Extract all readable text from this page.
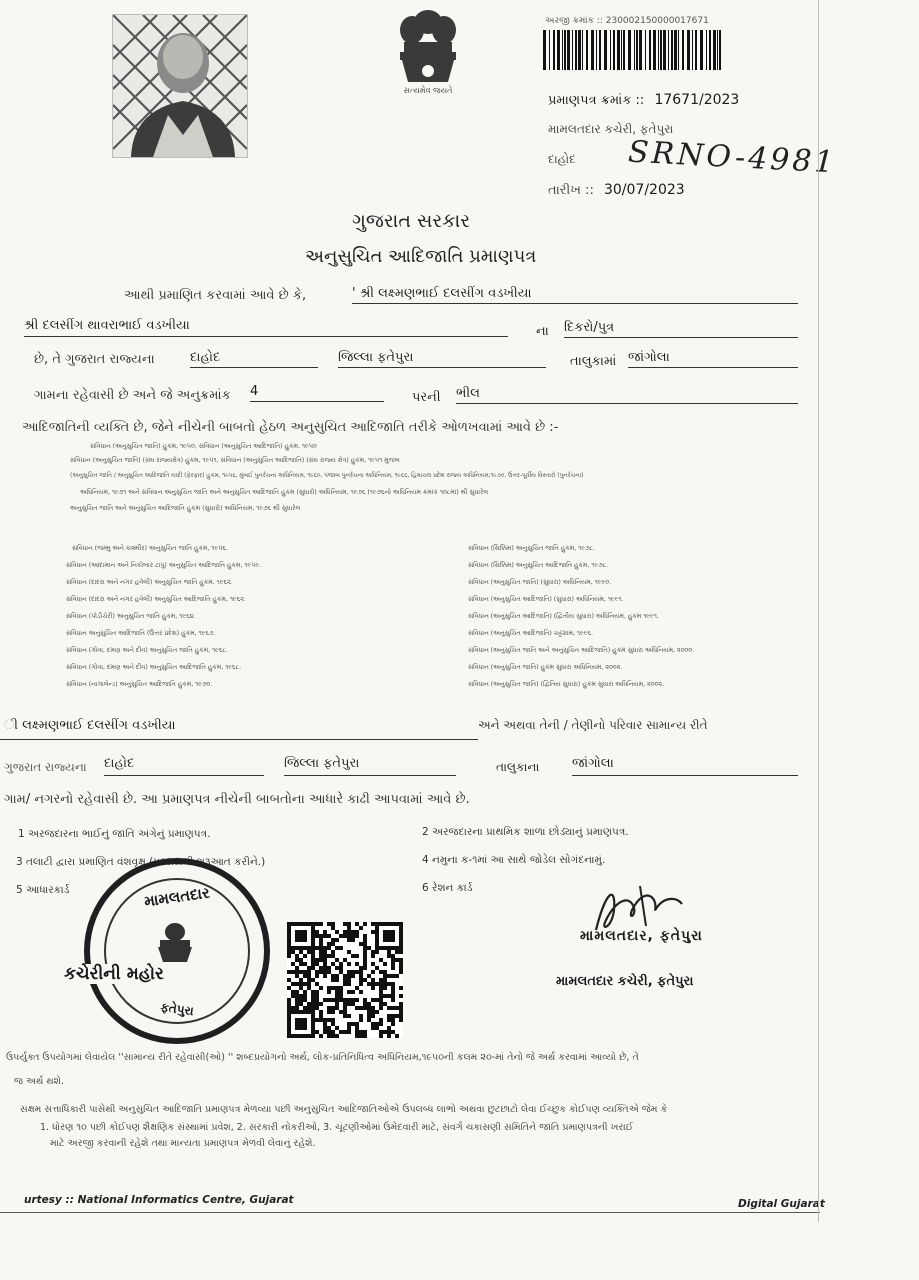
સત્યમેવ જયતે
અરજી ક્રમાંક :: 230002150000017671
પ્રમાણપત્ર ક્રમાંક :: 17671/2023
મામલતદાર કચેરી, ફતેપુરા
દાહોદ SRNO-4981
તારીખ :: 30/07/2023
ગુજરાત સરકાર
અનુસુચિત આદિજાતિ પ્રમાણપત્ર
આથી પ્રમાણિત કરવામાં આવે છે કે,	' શ્રી લક્ષ્મણભાઈ દલસીંગ વડખીયા
શ્રી દલસીંગ થાવરાભાઈ વડખીયા	ના દિકરો/પુત્ર
છે, તે ગુજરાત રાજ્યના	દાહોદ	જિલ્લા ફતેપુરા	તાલુકામાં જાંગોલા
ગામના રહેવાસી છે અને જે અનુક્રમાંક 4	પરની ભીલ
આદિજાતિની વ્યક્તિ છે, જેને નીચેની બાબતો હેઠળ અનુસુચિત આદિજાતિ તરીકે ઓળખવામાં આવે છે :-
સંવિધાન (અનુસુચિત જાતિ) હુકમ, ૧૯૫૦, સંવિધાન (અનુસુચિત આદિજાતિ) હુકમ, ૧૯૫૦
સંવિધાન (અનુસુચિત જાતિ) (સંઘ રાજ્યક્ષેત્ર) હુકમ, ૧૯૫૧, સંવિધાન (અનુસુચિત આદિજાતિ) (સંઘ રાજ્ય ક્ષેત્ર) હુકમ, ૧૯૫૧ મુજબ
(અનુસુચિત જાતિ / અનુસુચિત આદિજાતિ યાદી (ફેરફાર) હુકમ, ૧૯૫૬, મુંબઈ પુનર્રચના અધિનિયમ, ૧૯૬૦, પંજાબ પુનર્રચના અધિનિયમ, ૧૯૬૬, હિમાચલ પ્રદેશ રાજ્ય અધિનિયમ,૧૯૭૦, ઉત્તર-પૂર્વીય વિસ્તારો (પુનર્રચના)
અધિનિયમ, ૧૯૭૧ અને સંવિધાન અનુસુચિત જાતિ અને અનુસુચિત આદિજાતિ હુકમ (સુધારો) અધિનિયમ, ૧૯૭૬ (૧૯૭૬નો અધિનિયમ ક્રમાંક ૧૦૮માં) થી સુધારેલ
અનુસુચિત જાતિ અને અનુસુચિત આદિજાતિ હુકમ (સુધારો) અધિનિયમ, ૧૯૭૬ થી સુધારેલ
સંવિધાન (જમ્મુ અને કાશ્મીર) અનુસુચિત જાતિ હુકમ, ૧૯૫૬.
સંવિધાન (આંદામાન અને નિકોબાર ટાપુ) અનુસુચિત આદિજાતિ હુકમ, ૧૯૫૯.
સંવિધાન (દાદરા અને નગર હવેલી) અનુસુચિત જાતિ હુકમ, ૧૯૬૨.
સંવિધાન (દાદરા અને નગર હવેલી) અનુસુચિત આદિજાતિ હુકમ, ૧૯૬૨.
સંવિધાન (પોંડીચેરી) અનુસુચિત જાતિ હુકમ, ૧૯૬૪.
સંવિધાન અનુસુચિત આદિજાતિ (ઉત્તર પ્રદેશ) હુકમ, ૧૯૬૭.
સંવિધાન (ગોવા, દમણ અને દીવ) અનુસુચિત જાતિ હુકમ, ૧૯૬૮.
સંવિધાન (ગોવા, દમણ અને દીવ) અનુસુચિત આદિજાતિ હુકમ, ૧૯૬૮.
સંવિધાન (નાગાલેન્ડ) અનુસુચિત આદિજાતિ હુકમ, ૧૯૭૦.
સંવિધાન (સિક્કિમ) અનુસુચિત જાતિ હુકમ, ૧૯૭૮.
સંવિધાન (સિક્કિમ) અનુસુચિત આદિજાતિ હુકમ, ૧૯૭૮.
સંવિધાન (અનુસુચિત જાતિ) (સુધારા) અધિનિયમ, ૧૯૯૦.
સંવિધાન (અનુસુચિત આદિજાતિ) (સુધારા) અધિનિયમ, ૧૯૯૧.
સંવિધાન (અનુસુચિત આદિજાતિ) (દ્વિતીય સુધારા) અધિનિયમ, હુકમ ૧૯૯૧.
સંવિધાન (અનુસુચિત આદિજાતિ) ચટ્ટગ્રામ, ૧૯૯૬.
સંવિધાન (અનુસુચિત જાતિ અને અનુસુચિત આદિજાતિ) હુકમ સુધારા અધિનિયમ, ૨૦૦૦.
સંવિધાન (અનુસુચિત જાતિ) હુકમ સુધારા અધિનિયમ, ૨૦૦૨.
સંવિધાન (અનુસુચિત જાતિ) (દ્વિતિય સુધારા) હુકમ સુધારા અધિનિયમ, ૨૦૦૨.
ી લક્ષ્મણભાઈ દલસીંગ વડખીયા	અને અથવા તેની / તેણીનો પરિવાર સામાન્ય રીતે
ગુજરાત રાજ્યના દાહોદ	જિલ્લા ફતેપુરા	તાલુકાના	જાંગોલા
ગામ/ નગરનો રહેવાસી છે. આ પ્રમાણપત્ર નીચેની બાબતોના આધારે કાઢી આપવામાં આવે છે.
1 અરજદારના ભાઈનું જાતિ અંગેનું પ્રમાણપત્ર.	2 અરજદારના પ્રાથમિક શાળા છોડ્યાનું પ્રમાણપત્ર.
3 તલાટી દ્વારા પ્રમાણિત વંશવૃક્ષ (પરદાદાથી શરૂઆત કરીને.)	4 નમુના ક-૧માં આ સાથે જોડેલ સોગંદનામું.
5 આધારકાર્ડ	6 રેશન કાર્ડ
મામલતદાર
કચેરીની મહોર
ફતેપુરા
મામલતદાર, ફતેપુરા
મામલતદાર કચેરી, ફતેપુરા
ઉપર્યુક્ત ઉપયોગમાં લેવાયેલ ''સામાન્ય રીતે રહેવાસી(ઓ) '' શબ્દપ્રયોગનો અર્થ, લોક-પ્રતિનિધિત્વ અધિનિયમ,૧૯૫૦ની કલમ ૨૦-માં તેનો જે અર્થ કરવામાં આવ્યો છે, તે
જ અર્થ થશે.
સક્ષમ સત્તાધિકારી પાસેથી અનુસુચિત આદિજાતિ પ્રમાણપત્ર મેળવ્યા પછી અનુસુચિત આદિજાતિઓએ ઉપલબ્ધ લાભો અથવા છુટછાટો લેવા ઈચ્છુક કોઈપણ વ્યક્તિએ જેમ કે
1. ધોરણ ૧૦ પછી કોઈપણ શૈક્ષણિક સંસ્થામાં પ્રવેશ, 2. સરકારી નોકરીઓ, 3. ચૂંટણીઓમાં ઉમેદવારી માટે, સંવર્ગ ચકાસણી સમિતિને જાતિ પ્રમાણપત્રની ખરાઈ
માટે અરજી કરવાની રહેશે તથા માન્યતા પ્રમાણપત્ર મેળવી લેવાનું રહેશે.
urtesy :: National Informatics Centre, Gujarat	Digital Gujarat
